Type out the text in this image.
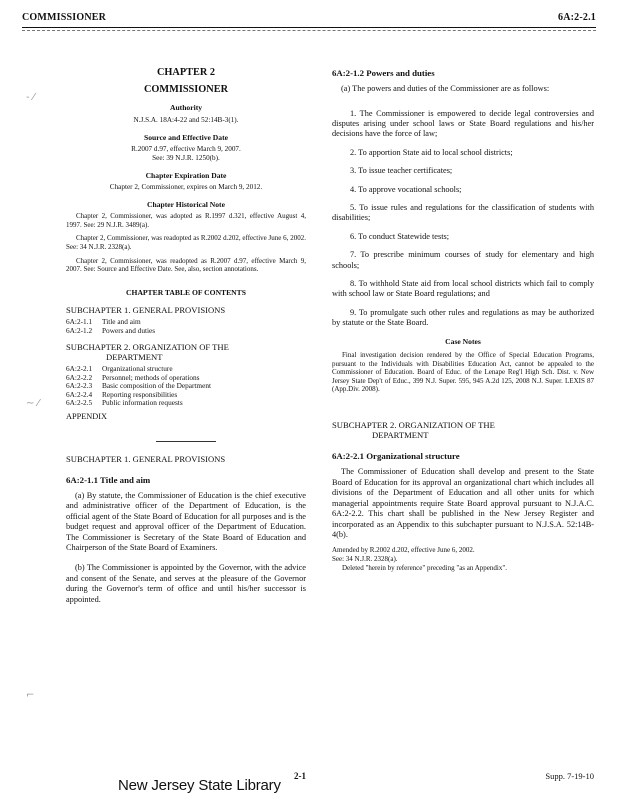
COMMISSIONER	6A:2-2.1
‐ ⁄
∼ ⁄
⌐
CHAPTER 2
COMMISSIONER
Authority
N.J.S.A. 18A:4-22 and 52:14B-3(1).
Source and Effective Date
R.2007 d.97, effective March 9, 2007.
See: 39 N.J.R. 1250(b).
Chapter Expiration Date
Chapter 2, Commissioner, expires on March 9, 2012.
Chapter Historical Note
Chapter 2, Commissioner, was adopted as R.1997 d.321, effective August 4, 1997. See: 29 N.J.R. 3489(a).
Chapter 2, Commissioner, was readopted as R.2002 d.202, effective June 6, 2002. See: 34 N.J.R. 2328(a).
Chapter 2, Commissioner, was readopted as R.2007 d.97, effective March 9, 2007. See: Source and Effective Date. See, also, section annotations.
CHAPTER TABLE OF CONTENTS
SUBCHAPTER 1. GENERAL PROVISIONS
6A:2-1.1	Title and aim
6A:2-1.2	Powers and duties
SUBCHAPTER 2. ORGANIZATION OF THE
DEPARTMENT
6A:2-2.1	Organizational structure
6A:2-2.2	Personnel; methods of operations
6A:2-2.3	Basic composition of the Department
6A:2-2.4	Reporting responsibilities
6A:2-2.5	Public information requests
APPENDIX
SUBCHAPTER 1. GENERAL PROVISIONS
6A:2-1.1 Title and aim
(a) By statute, the Commissioner of Education is the chief executive and administrative officer of the Department of Education, is the official agent of the State Board of Education for all purposes and is the budget request and approval officer of the Department of Education. The Commissioner is Secretary of the State Board of Education and Chairperson of the State Board of Examiners.
(b) The Commissioner is appointed by the Governor, with the advice and consent of the Senate, and serves at the pleasure of the Governor during the Governor's term of office and until his/her successor is appointed.
6A:2-1.2 Powers and duties
(a) The powers and duties of the Commissioner are as follows:
1. The Commissioner is empowered to decide legal controversies and disputes arising under school laws or State Board regulations and his/her decisions have the force of law;
2. To apportion State aid to local school districts;
3. To issue teacher certificates;
4. To approve vocational schools;
5. To issue rules and regulations for the classification of students with disabilities;
6. To conduct Statewide tests;
7. To prescribe minimum courses of study for elementary and high schools;
8. To withhold State aid from local school districts which fail to comply with school law or State Board regulations; and
9. To promulgate such other rules and regulations as may be authorized by statute or the State Board.
Case Notes
Final investigation decision rendered by the Office of Special Education Programs, pursuant to the Individuals with Disabilities Education Act, cannot be appealed to the Commissioner of Education. Board of Educ. of the Lenape Reg'l High Sch. Dist. v. New Jersey State Dep't of Educ., 399 N.J. Super. 595, 945 A.2d 125, 2008 N.J. Super. LEXIS 87 (App.Div. 2008).
SUBCHAPTER 2. ORGANIZATION OF THE
DEPARTMENT
6A:2-2.1 Organizational structure
The Commissioner of Education shall develop and present to the State Board of Education for its approval an organizational chart which includes all divisions of the Department of Education and all other units for which managerial appointments require State Board approval pursuant to N.J.A.C. 6A:2-2.2. This chart shall be published in the New Jersey Register and incorporated as an Appendix to this subchapter pursuant to N.J.S.A. 52:14B-4(b).
Amended by R.2002 d.202, effective June 6, 2002.
See: 34 N.J.R. 2328(a).
Deleted "herein by reference" preceding "as an Appendix".
2-1	Supp. 7-19-10
New Jersey State Library
